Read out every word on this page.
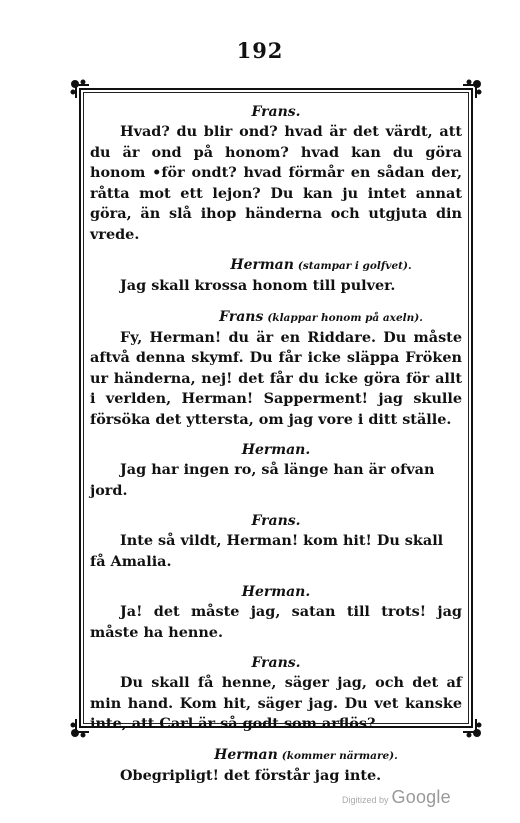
192

Frans.

Hvad? du blir ond? hvad är det värdt, att du är ond på honom? hvad kan du göra honom •för ondt? hvad förmår en sådan der, råtta mot ett lejon? Du kan ju intet annat göra, än slå ihop händerna och utgjuta din vrede.

Herman (stampar i golfvet).

Jag skall krossa honom till pulver.

Frans (klappar honom på axeln).

Fy, Herman! du är en Riddare. Du måste aftvå denna skymf. Du får icke släppa Fröken ur händerna, nej! det får du icke göra för allt i verlden, Herman! Sapperment! jag skulle försöka det yttersta, om jag vore i ditt ställe.

Herman.

Jag har ingen ro, så länge han är ofvan jord.

Frans.

Inte så vildt, Herman! kom hit! Du skall få Amalia.

Herman.

Ja! det måste jag, satan till trots! jag måste ha henne.

Frans.

Du skall få henne, säger jag, och det af min hand. Kom hit, säger jag. Du vet kanske inte, att Carl är så godt som arflös?

Herman (kommer närmare).

Obegripligt! det förstår jag inte.

Digitized by Google
